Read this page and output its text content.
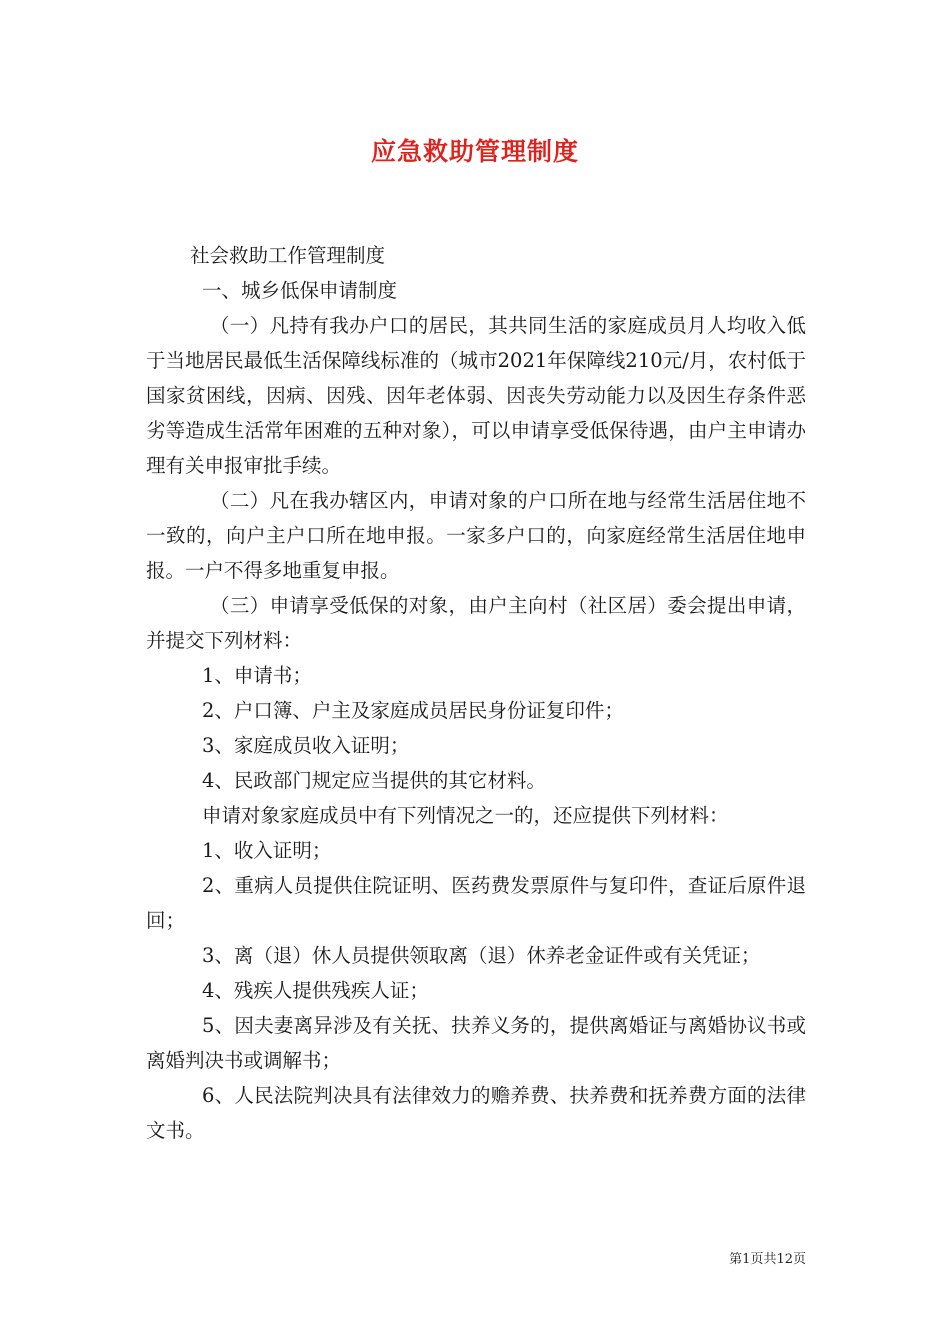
应急救助管理制度

社会救助工作管理制度

一、城乡低保申请制度

（一）凡持有我办户口的居民，其共同生活的家庭成员月人均收入低于当地居民最低生活保障线标准的（城市2021年保障线210元/月，农村低于国家贫困线，因病、因残、因年老体弱、因丧失劳动能力以及因生存条件恶劣等造成生活常年困难的五种对象），可以申请享受低保待遇，由户主申请办理有关申报审批手续。

（二）凡在我办辖区内，申请对象的户口所在地与经常生活居住地不一致的，向户主户口所在地申报。一家多户口的，向家庭经常生活居住地申报。一户不得多地重复申报。

（三）申请享受低保的对象，由户主向村（社区居）委会提出申请，并提交下列材料：

1、申请书；

2、户口簿、户主及家庭成员居民身份证复印件；

3、家庭成员收入证明；

4、民政部门规定应当提供的其它材料。

申请对象家庭成员中有下列情况之一的，还应提供下列材料：

1、收入证明；

2、重病人员提供住院证明、医药费发票原件与复印件，查证后原件退回；

3、离（退）休人员提供领取离（退）休养老金证件或有关凭证；

4、残疾人提供残疾人证；

5、因夫妻离异涉及有关抚、扶养义务的，提供离婚证与离婚协议书或离婚判决书或调解书；

6、人民法院判决具有法律效力的赡养费、扶养费和抚养费方面的法律文书。

第1页共12页
